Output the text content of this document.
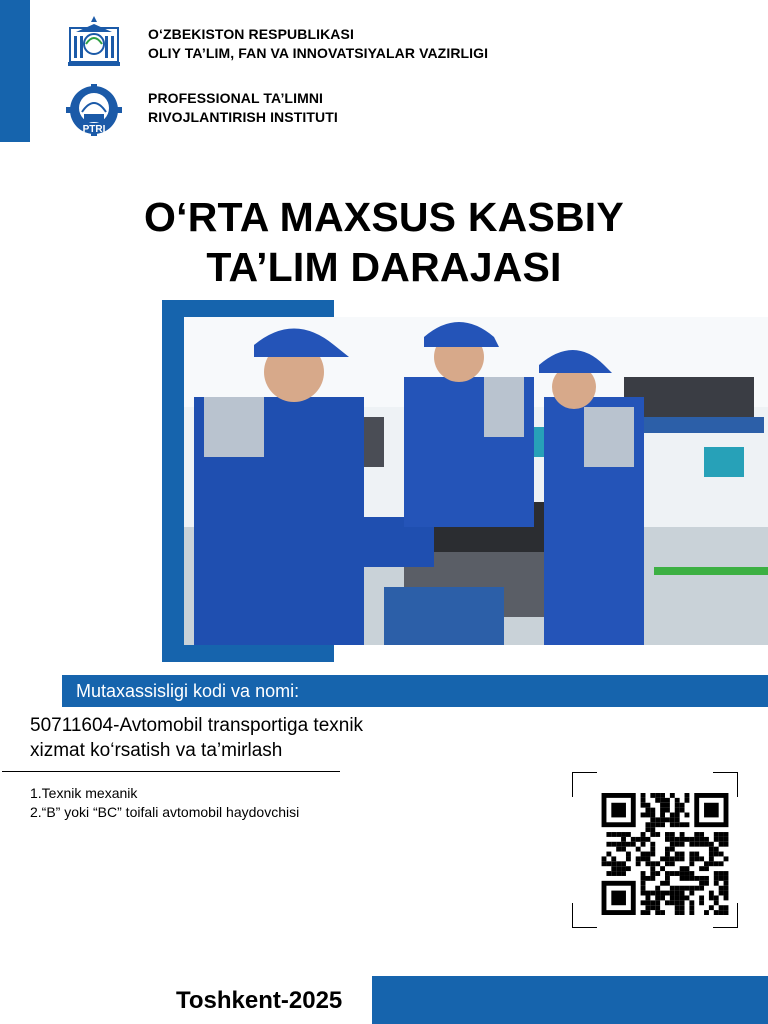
O‘ZBEKISTON RESPUBLIKASI
OLIY TA’LIM, FAN VA INNOVATSIYALAR VAZIRLIGI
PTRI
PROFESSIONAL TA’LIMNI
RIVOJLANTIRISH INSTITUTI
O‘RTA MAXSUS KASBIY
TA’LIM DARAJASI
Mutaxassisligi kodi va nomi:
50711604-Avtomobil transportiga texnik
xizmat ko‘rsatish va ta’mirlash
1.Texnik mexanik
2.“B” yoki “BC” toifali avtomobil haydovchisi
Toshkent-2025
